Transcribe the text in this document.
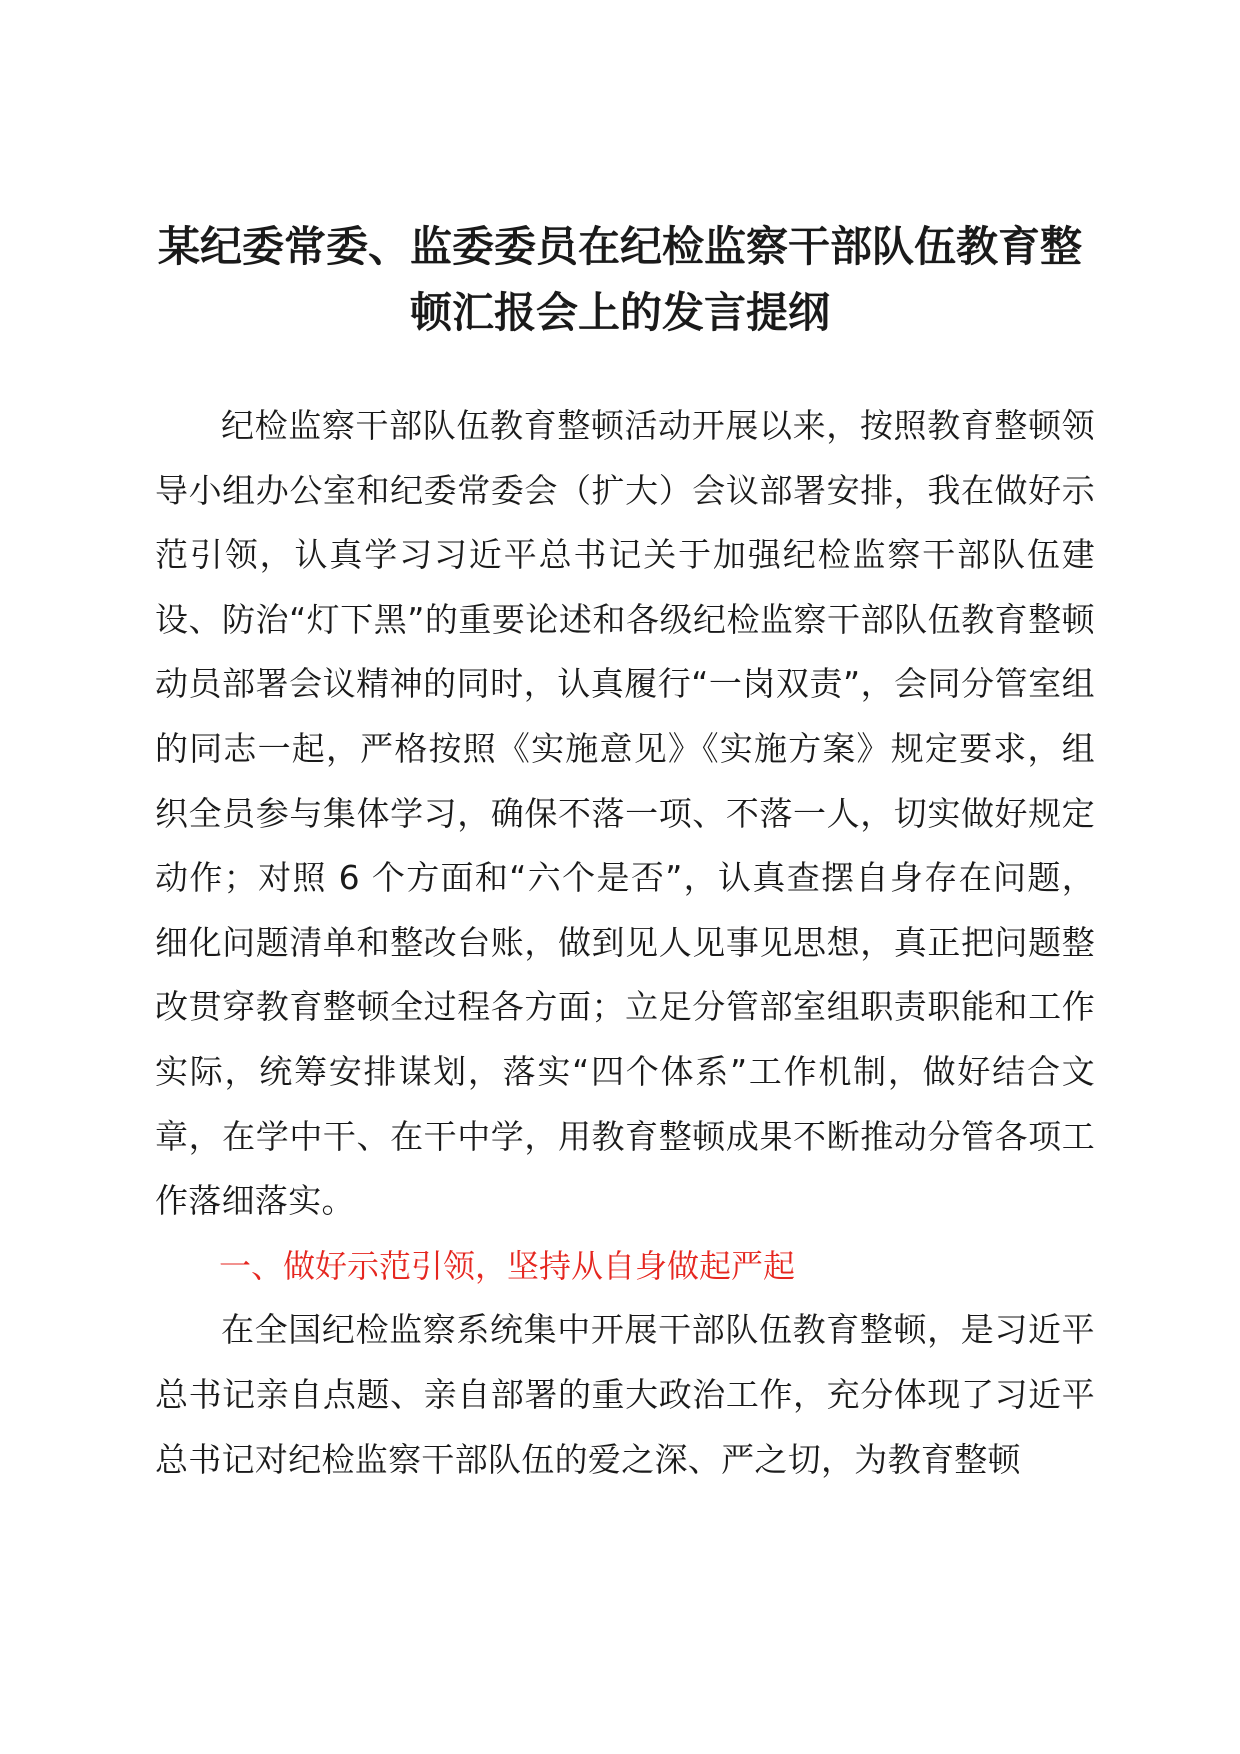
某纪委常委、监委委员在纪检监察干部队伍教育整顿汇报会上的发言提纲

纪检监察干部队伍教育整顿活动开展以来，按照教育整顿领导小组办公室和纪委常委会（扩大）会议部署安排，我在做好示范引领，认真学习习近平总书记关于加强纪检监察干部队伍建设、防治“灯下黑”的重要论述和各级纪检监察干部队伍教育整顿动员部署会议精神的同时，认真履行“一岗双责”，会同分管室组的同志一起，严格按照《实施意见》《实施方案》规定要求，组织全员参与集体学习，确保不落一项、不落一人，切实做好规定动作；对照 6 个方面和“六个是否”，认真查摆自身存在问题，细化问题清单和整改台账，做到见人见事见思想，真正把问题整改贯穿教育整顿全过程各方面；立足分管部室组职责职能和工作实际，统筹安排谋划，落实“四个体系”工作机制，做好结合文章，在学中干、在干中学，用教育整顿成果不断推动分管各项工作落细落实。

一、做好示范引领，坚持从自身做起严起

在全国纪检监察系统集中开展干部队伍教育整顿，是习近平总书记亲自点题、亲自部署的重大政治工作，充分体现了习近平总书记对纪检监察干部队伍的爱之深、严之切，为教育整顿
